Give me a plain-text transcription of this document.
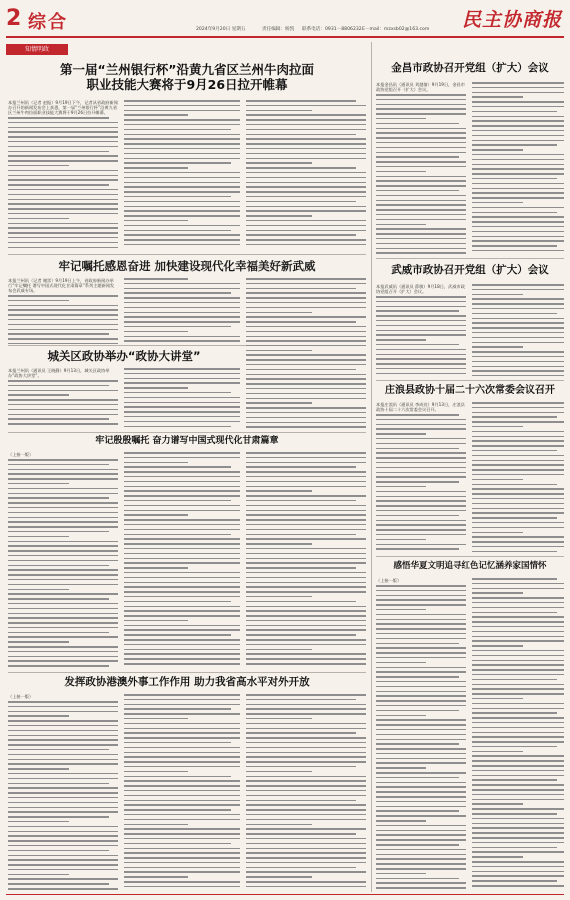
2 综合	2024年9月20日 星期五	责任编辑：杨凯 联系电话：0931－8806232 E－mail：mzxsb02@163.com 民主协商报
知情明政
第一届“兰州银行杯”沿黄九省区兰州牛肉拉面
职业技能大赛将于9月26日拉开帷幕
本报兰州讯（记者 赵振）9月19日下午，记者从省政府新闻办召开的新闻发布会上获悉，第一届“兰州银行杯”沿黄九省区兰州牛肉拉面职业技能大赛将于9月26日拉开帷幕。
牢记嘱托感恩奋进 加快建设现代化幸福美好新武威
本报兰州讯（记者 谢雷）9月19日上午，省政府新闻办举行“牢记嘱托 谱写中国式现代化甘肃篇章”系列主题新闻发布会武威专场。
城关区政协举办“政协大讲堂”
本报兰州讯（通讯员 王晓静）9月13日，城关区政协举办“政协大讲堂”。
牢记殷殷嘱托 奋力谱写中国式现代化甘肃篇章
（上接一版）
发挥政协港澳外事工作作用 助力我省高水平对外开放
（上接一版）
金昌市政协召开党组（扩大）会议
本报金昌讯（通讯员 刘越倩）9月19日，金昌市政协党组召开（扩大）会议。
武威市政协召开党组（扩大）会议
本报武威讯（通讯员 薛敏）9月18日，武威市政协党组召开（扩大）会议。
庄浪县政协十届二十六次常委会议召开
本报庄浪讯（通讯员 李成亮）9月13日，庄浪县政协十届二十六次常委会议召开。
感悟华夏文明追寻红色记忆涵养家国情怀
（上接一版）
